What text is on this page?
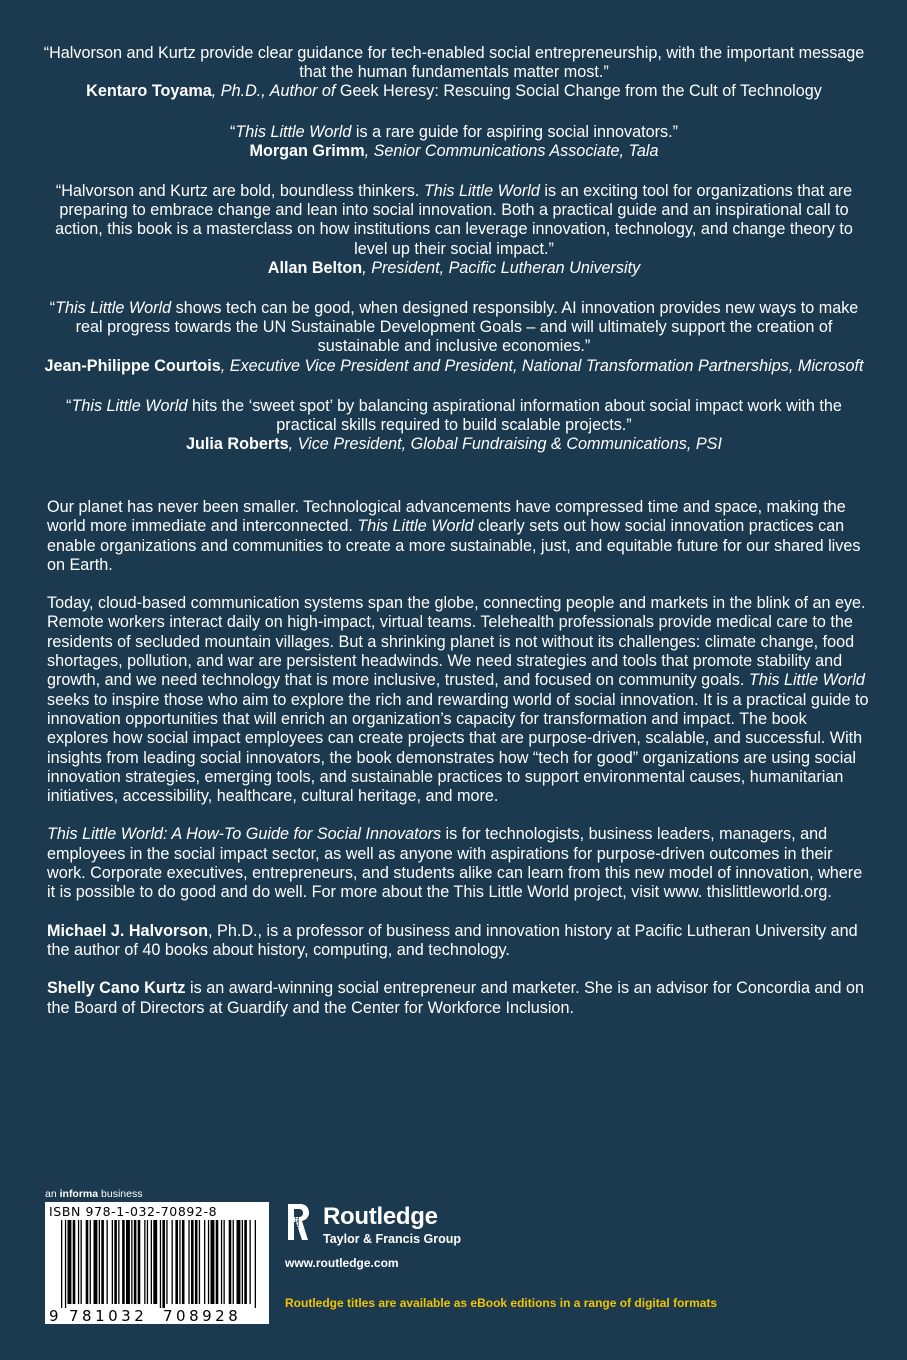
“Halvorson and Kurtz provide clear guidance for tech-enabled social entrepreneurship, with the important message that the human fundamentals matter most.”

Kentaro Toyama, Ph.D., Author of Geek Heresy: Rescuing Social Change from the Cult of Technology

“This Little World is a rare guide for aspiring social innovators.”

Morgan Grimm, Senior Communications Associate, Tala

“Halvorson and Kurtz are bold, boundless thinkers. This Little World is an exciting tool for organizations that are preparing to embrace change and lean into social innovation. Both a practical guide and an inspirational call to action, this book is a masterclass on how institutions can leverage innovation, technology, and change theory to level up their social impact.”

Allan Belton, President, Pacific Lutheran University

“This Little World shows tech can be good, when designed responsibly. AI innovation provides new ways to make real progress towards the UN Sustainable Development Goals – and will ultimately support the creation of sustainable and inclusive economies.”

Jean-Philippe Courtois, Executive Vice President and President, National Transformation Partnerships, Microsoft

“This Little World hits the ‘sweet spot’ by balancing aspirational information about social impact work with the practical skills required to build scalable projects.”

Julia Roberts, Vice President, Global Fundraising & Communications, PSI

Our planet has never been smaller. Technological advancements have compressed time and space, making the world more immediate and interconnected. This Little World clearly sets out how social innovation practices can enable organizations and communities to create a more sustainable, just, and equitable future for our shared lives on Earth.

Today, cloud-based communication systems span the globe, connecting people and markets in the blink of an eye. Remote workers interact daily on high-impact, virtual teams. Telehealth professionals provide medical care to the residents of secluded mountain villages. But a shrinking planet is not without its challenges: climate change, food shortages, pollution, and war are persistent headwinds. We need strategies and tools that promote stability and growth, and we need technology that is more inclusive, trusted, and focused on community goals. This Little World seeks to inspire those who aim to explore the rich and rewarding world of social innovation. It is a practical guide to innovation opportunities that will enrich an organization’s capacity for transformation and impact. The book explores how social impact employees can create projects that are purpose-driven, scalable, and successful. With insights from leading social innovators, the book demonstrates how “tech for good” organizations are using social innovation strategies, emerging tools, and sustainable practices to support environmental causes, humanitarian initiatives, accessibility, healthcare, cultural heritage, and more.

This Little World: A How-To Guide for Social Innovators is for technologists, business leaders, managers, and employees in the social impact sector, as well as anyone with aspirations for purpose-driven outcomes in their work. Corporate executives, entrepreneurs, and students alike can learn from this new model of innovation, where it is possible to do good and do well. For more about the This Little World project, visit www. thislittleworld.org.

Michael J. Halvorson, Ph.D., is a professor of business and innovation history at Pacific Lutheran University and the author of 40 books about history, computing, and technology.

Shelly Cano Kurtz is an award-winning social entrepreneur and marketer. She is an advisor for Concordia and on the Board of Directors at Guardify and the Center for Workforce Inclusion.

an informa business
ISBN 978-1-032-70892-8
9 781032 708928
ROUTLEDGE Routledge
Taylor & Francis Group
www.routledge.com
Routledge titles are available as eBook editions in a range of digital formats
